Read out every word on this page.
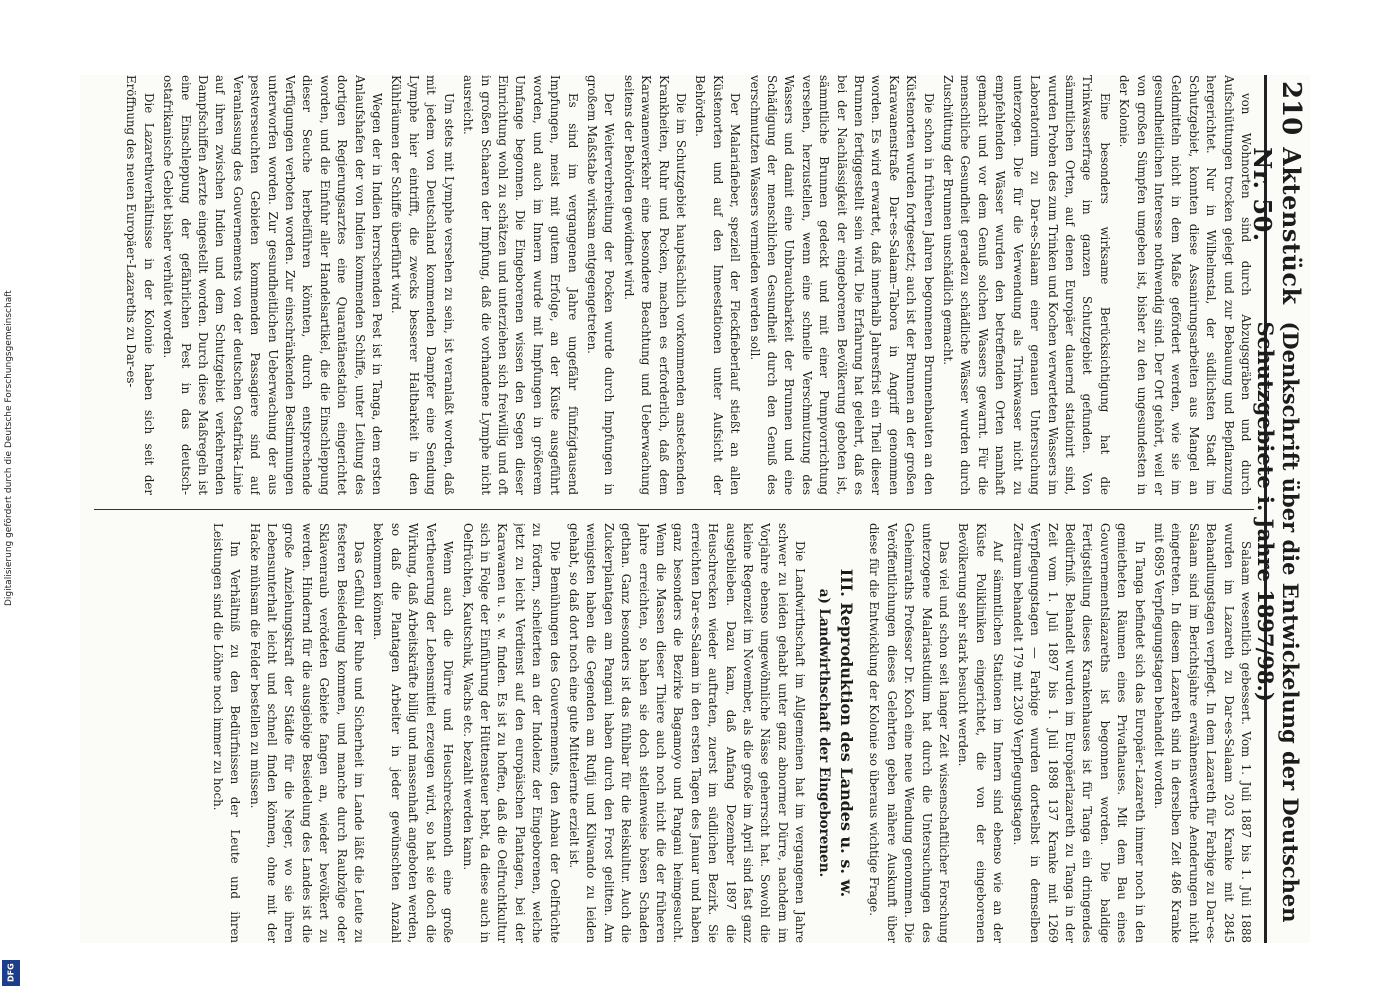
210
Aktenstück Nr. 50.
(Denkschrift über die Entwickelung der Deutschen Schutzgebiete i. Jahre 1897/98.)

von Wohnorten sind durch Abzugsgräben und durch Aufschüttungen trocken gelegt und zur Bebauung und Bepflanzung hergerichtet. Nur in Wilhelmstal, der südlichsten Stadt im Schutzgebiet, konnten diese Assanirungsarbeiten aus Mangel an Geldmitteln nicht in dem Maße gefördert werden, wie sie im gesundheitlichen Interesse nothwendig sind. Der Ort gehört, weil er von großen Sümpfen umgeben ist, bisher zu den ungesundesten in der Kolonie.

Eine besonders wirksame Berücksichtigung hat die Trinkwasserfrage im ganzen Schutzgebiet gefunden. Von sämmtlichen Orten, auf denen Europäer dauernd stationirt sind, wurden Proben des zum Trinken und Kochen verwerteten Wassers im Laboratorium zu Dar-es-Salaam einer genauen Untersuchung unterzogen. Die für die Verwendung als Trinkwasser nicht zu empfehlenden Wässer wurden den betreffenden Orten namhaft gemacht und vor dem Genuß solchen Wassers gewarnt. Für die menschliche Gesundheit geradezu schädliche Wässer wurden durch Zuschüttung der Brunnen unschädlich gemacht.

Die schon in früheren Jahren begonnenen Brunnenbauten an den Küstenorten wurden fortgesetzt; auch ist der Brunnen an der großen Karawanenstraße Dar-es-Salaam–Tabora in Angriff genommen worden. Es wird erwartet, daß innerhalb Jahresfrist ein Theil dieser Brunnen fertiggestellt sein wird. Die Erfahrung hat gelehrt, daß es bei der Nachlässigkeit der eingeborenen Bevölkerung geboten ist, sämmtliche Brunnen gedeckt und mit einer Pumpvorrichtung versehen, herzustellen, wenn eine schnelle Verschmutzung des Wassers und damit eine Unbrauchbarkeit der Brunnen und eine Schädigung der menschlichen Gesundheit durch den Genuß des verschmutzten Wassers vermieden werden soll.

Der Malariafieber, speziell der Fleckfieberlauf stießt an allen Küstenorten und auf den Inneestationen unter Aufsicht der Behörden.

Die im Schutzgebiet hauptsächlich vorkommenden ansteckenden Krankheiten, Ruhr und Pocken, machen es erforderlich, daß dem Karawanenverkehr eine besondere Beachtung und Ueberwachung seitens der Behörden gewidmet wird.

Der Weiterverbreitung der Pocken wurde durch Impfungen in großem Maßstabe wirksam entgegengetreten.

Es sind im vergangenen Jahre ungefähr fünfzigtausend Impfungen, meist mit gutem Erfolge, an der Küste ausgeführt worden, und auch im Innern wurde mit Impfungen in größerem Umfange begonnen. Die Eingeborenen wissen den Segen dieser Einrichtung wohl zu schätzen und unterziehen sich freiwillig und oft in großen Schaaren der Impfung, daß die vorhandene Lymphe nicht ausreicht.

Um stets mit Lymphe versehen zu sein, ist veranlaßt worden, daß mit jedem von Deutschland kommenden Dampfer eine Sendung Lymphe hier eintrifft, die zwecks besserer Haltbarkeit in den Kühlräumen der Schiffe überführt wird.

Wegen der in Indien herrschenden Pest ist in Tanga, dem ersten Anlaufshafen der von Indien kommenden Schiffe, unter Leitung des dortigen Regierungsarztes eine Quarantänestation eingerichtet worden, und die Einfuhr aller Handelsartikel, die die Einschleppung dieser Seuche herbeiführen könnten, durch entsprechende Verfügungen verboten worden. Zur einschränkenden Bestimmungen unterworfen worden. Zur gesundheitlichen Ueberwachung der aus pestverseuchten Gebieten kommenden Passagiere sind auf Veranlassung des Gouvernements von der deutschen Ostafrika-Linie auf ihren zwischen Indien und dem Schutzgebiet verkehrenden Dampfschiffen Aerzte eingestellt worden. Durch diese Maßregeln ist eine Einschleppung der gefährlichen Pest in das deutsch-ostafrikanische Gebiet bisher verhütet worden.

Die Lazarethverhältnisse in der Kolonie haben sich seit der Eröffnung des neuen Europäer-Lazareths zu Dar-es-

Salaam wesentlich gebessert. Vom 1. Juli 1887 bis 1. Juli 1888 wurden im Lazareth zu Dar-es-Salaam 203 Kranke mit 2845 Behandlungstagen verpflegt. In dem Lazareth für Farbige zu Dar-es-Salaam sind im Berichtsjahre erwähnenswerthe Aenderungen nicht eingetreten. In diesem Lazareth sind in derselben Zeit 486 Kranke mit 6895 Verpflegungstagen behandelt worden.

In Tanga befindet sich das Europäer-Lazareth immer noch in den gemietheten Räumen eines Privathauses. Mit dem Bau eines Gouvernementslazareths ist begonnen worden. Die baldige Fertigstellung dieses Krankenhauses ist für Tanga ein dringendes Bedürfniß. Behandelt wurden im Europäerlazareth zu Tanga in der Zeit vom 1. Juli 1897 bis 1. Juli 1898 137 Kranke mit 1269 Verpflegungstagen — Farbige wurden dortselbst in demselben Zeitraum behandelt 179 mit 2309 Verpflegungstagen.

Auf sämmtlichen Stationen im Innern sind ebenso wie an der Küste Polikliniken eingerichtet, die von der eingeborenen Bevölkerung sehr stark besucht werden.

Das viel und schon seit langer Zeit wissenschaftlicher Forschung unterzogene Malariastudium hat durch die Untersuchungen des Geheimraths Professor Dr. Koch eine neue Wendung genommen. Die Veröffentlichungen dieses Gelehrten geben nähere Auskunft über diese für die Entwicklung der Kolonie so überaus wichtige Frage.

III. Reproduktion des Landes u. s. w.
a) Landwirthschaft der Eingeborenen.

Die Landwirthschaft im Allgemeinen hat im vergangenen Jahre schwer zu leiden gehabt unter ganz abnormer Dürre, nachdem im Vorjahre ebenso ungewöhnliche Nässe geherrscht hat. Sowohl die kleine Regenzeit im November, als die große im April sind fast ganz ausgeblieben. Dazu kam, daß Anfang Dezember 1897 die Heuschrecken wieder auftraten, zuerst im südlichen Bezirk. Sie erreichten Dar-es-Salaam in den ersten Tagen des Januar und haben ganz besonders die Bezirke Bagamoyo und Pangani heimgesucht. Wenn die Massen dieser Thiere auch noch nicht die der früheren Jahre erreichten, so haben sie doch stellenweise bösen Schaden gethan. Ganz besonders ist das fühlbar für die Reiskultur. Auch die Zuckerplantagen am Pangani haben durch den Frost gelitten. Am wenigsten haben die Gegenden am Rufiji und Kilwando zu leiden gehabt, so daß dort noch eine gute Mittelernte erzielt ist.

Die Bemühungen des Gouvernements, den Anbau der Oelfrüchte zu fördern, scheiterten an der Indolenz der Eingeborenen, welche jetzt zu leicht Verdienst auf den europäischen Plantagen, bei der Karawanen u. s. w. finden. Es ist zu hoffen, daß die Oelfruchtkultur sich in Folge der Einführung der Hüttensteuer hebt, da diese auch in Oelfrüchten, Kautschuk, Wachs etc. bezahlt werden kann.

Wenn auch die Dürre und Heuschreckennoth eine große Vertheuerung der Lebensmittel erzeugen wird, so hat sie doch die Wirkung, daß Arbeitskräfte billig und massenhaft angeboten werden, so daß die Plantagen Arbeiter in jeder gewünschten Anzahl bekommen können.

Das Gefühl der Ruhe und Sicherheit im Lande läßt die Leute zu festeren Besiedelung kommen, und manche durch Raubzüge oder Sklavenraub verödeten Gebiete fangen an, wieder bevölkert zu werden. Hindernd für die ausgiebige Besiedelung des Landes ist die große Anziehungskraft der Städte für die Neger, wo sie ihren Lebensunterhalt leicht und schnell finden können, ohne mit der Hacke mühsam die Felder bestellen zu müssen.

Im Verhältniß zu den Bedürfnissen der Leute und ihren Leistungen sind die Löhne noch immer zu hoch.

Digitalisierung gefördert durch die Deutsche Forschungsgemeinschaft
DFG
